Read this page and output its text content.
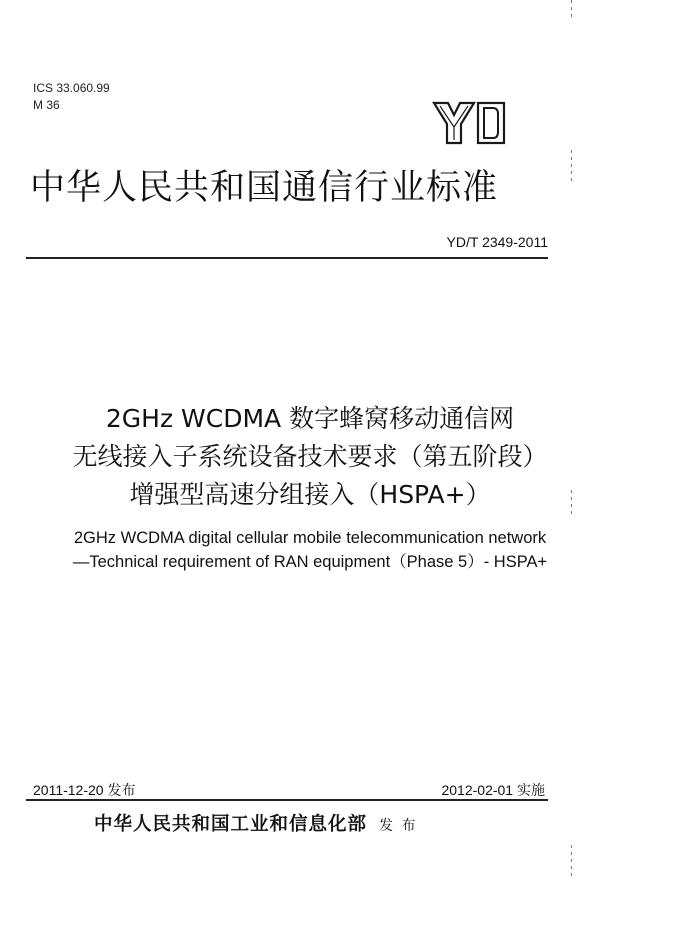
ICS 33.060.99
M 36
YD
中华人民共和国通信行业标准
YD/T 2349-2011
2GHz WCDMA 数字蜂窝移动通信网
无线接入子系统设备技术要求（第五阶段）
增强型高速分组接入（HSPA+）
2GHz WCDMA digital cellular mobile telecommunication network
—Technical requirement of RAN equipment（Phase 5）- HSPA+
2011-12-20 发布	2012-02-01 实施
中华人民共和国工业和信息化部 发 布
